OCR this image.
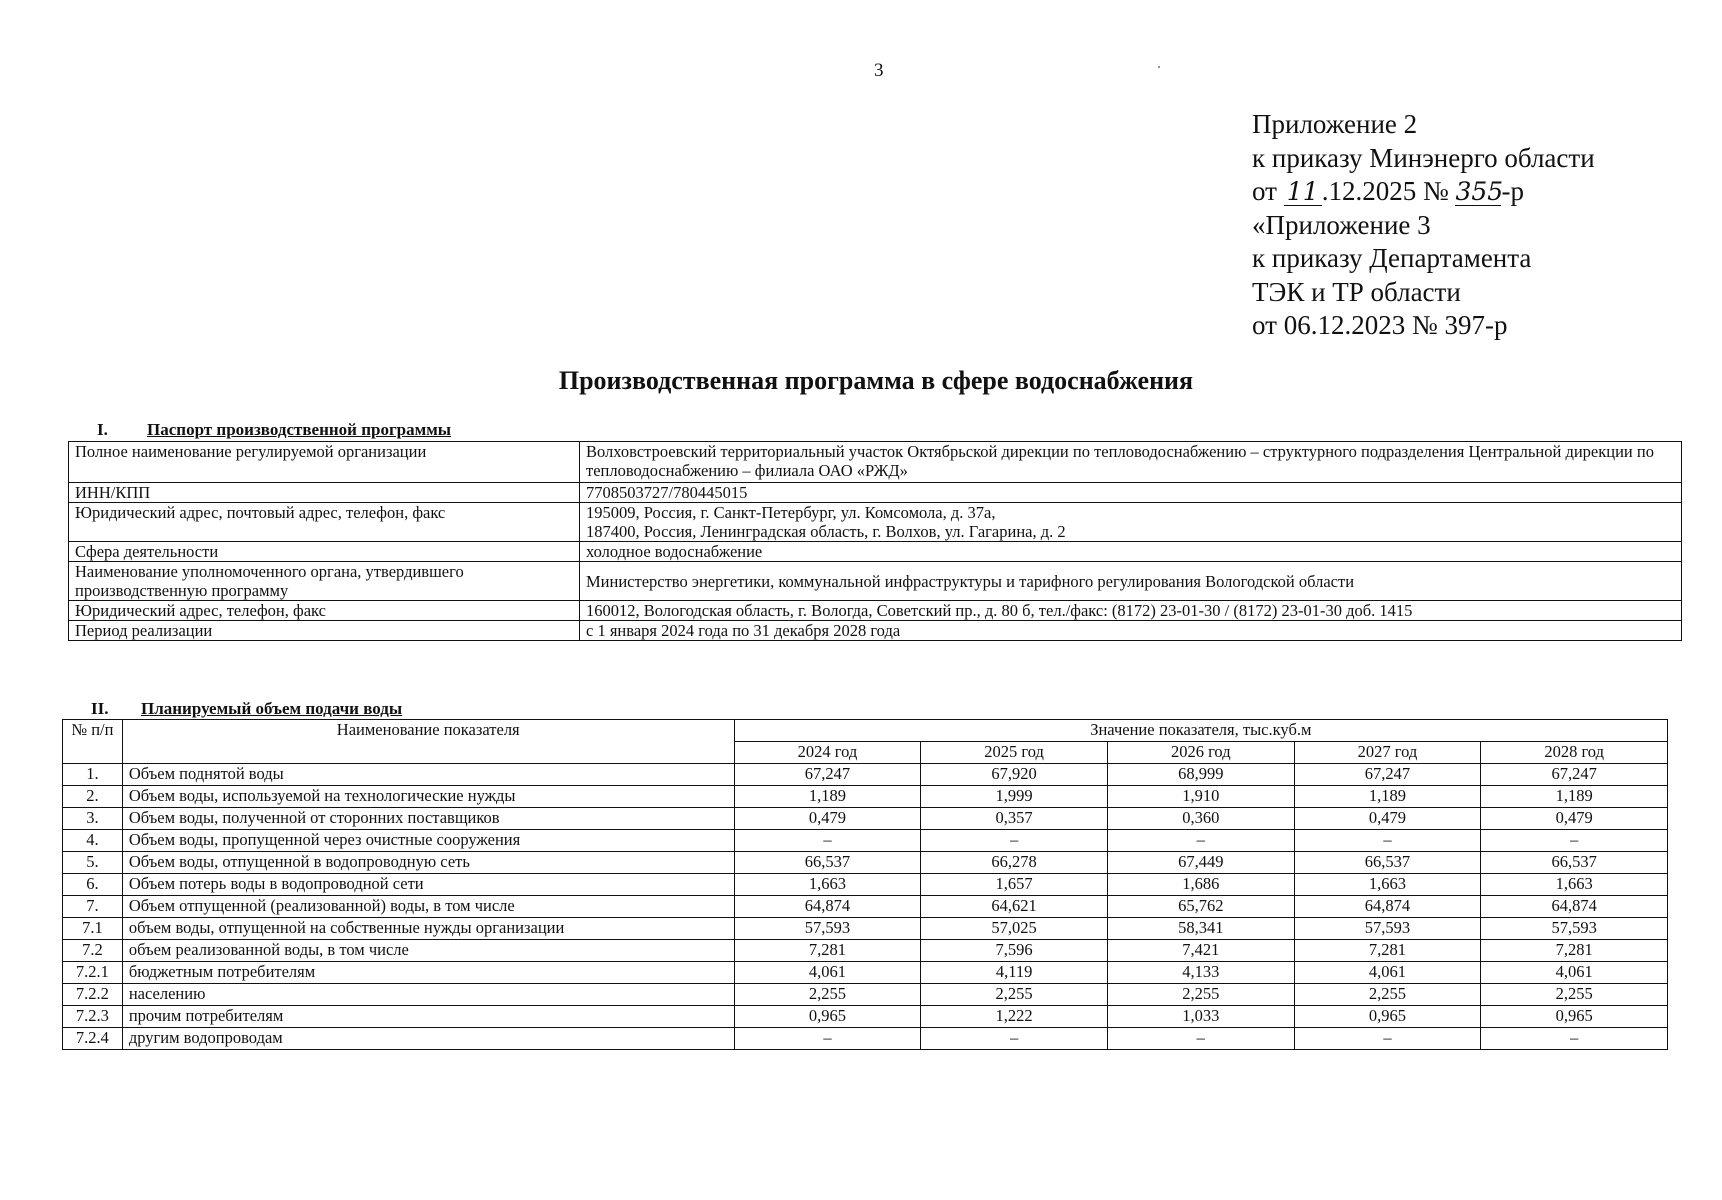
3
Приложение 2
к приказу Минэнерго области
от 11 .12.2025 № 355-р
«Приложение 3
к приказу Департамента
ТЭК и ТР области
от 06.12.2023 № 397-р
Производственная программа в сфере водоснабжения
I. Паспорт производственной программы
Полное наименование регулируемой организации	Волховстроевский территориальный участок Октябрьской дирекции по тепловодоснабжению – структурного подразделения Центральной дирекции по тепловодоснабжению – филиала ОАО «РЖД»
ИНН/КПП	7708503727/780445015
Юридический адрес, почтовый адрес, телефон, факс	195009, Россия, г. Санкт-Петербург, ул. Комсомола, д. 37а,
187400, Россия, Ленинградская область, г. Волхов, ул. Гагарина, д. 2

Сфера деятельности	холодное водоснабжение
Наименование уполномоченного органа, утвердившего производственную программу	Министерство энергетики, коммунальной инфраструктуры и тарифного регулирования Вологодской области
Юридический адрес, телефон, факс	160012, Вологодская область, г. Вологда, Советский пр., д. 80 б, тел./факс: (8172) 23-01-30 / (8172) 23-01-30 доб. 1415
Период реализации	с 1 января 2024 года по 31 декабря 2028 года
II. Планируемый объем подачи воды
№ п/п	Наименование показателя	Значение показателя, тыс.куб.м				
		2024 год	2025 год	2026 год	2027 год	2028 год
1.	Объем поднятой воды	67,247	67,920	68,999	67,247	67,247
2.	Объем воды, используемой на технологические нужды	1,189	1,999	1,910	1,189	1,189
3.	Объем воды, полученной от сторонних поставщиков	0,479	0,357	0,360	0,479	0,479
4.	Объем воды, пропущенной через очистные сооружения	–	–	–	–	–
5.	Объем воды, отпущенной в водопроводную сеть	66,537	66,278	67,449	66,537	66,537
6.	Объем потерь воды в водопроводной сети	1,663	1,657	1,686	1,663	1,663
7.	Объем отпущенной (реализованной) воды, в том числе	64,874	64,621	65,762	64,874	64,874
7.1	объем воды, отпущенной на собственные нужды организации	57,593	57,025	58,341	57,593	57,593
7.2	объем реализованной воды, в том числе	7,281	7,596	7,421	7,281	7,281
7.2.1	бюджетным потребителям	4,061	4,119	4,133	4,061	4,061
7.2.2	населению	2,255	2,255	2,255	2,255	2,255
7.2.3	прочим потребителям	0,965	1,222	1,033	0,965	0,965
7.2.4	другим водопроводам	–	–	–	–	–
